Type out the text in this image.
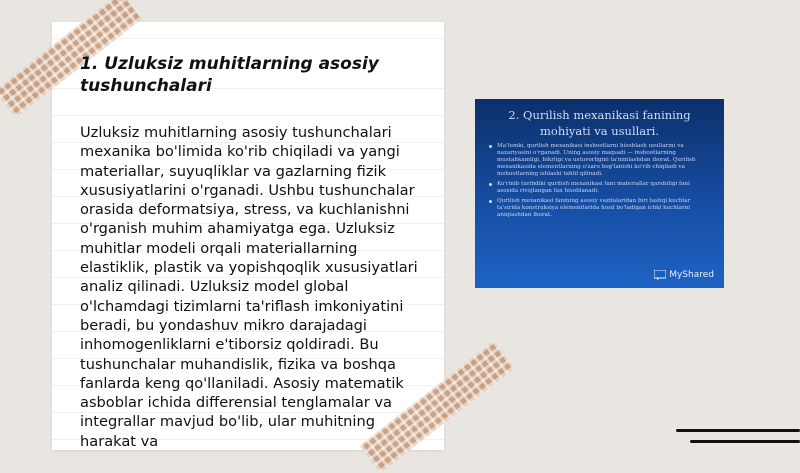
1. Uzluksiz muhitlarning asosiy tushunchalari

Uzluksiz muhitlarning asosiy tushunchalari mexanika bo'limida ko'rib chiqiladi va yangi materiallar, suyuqliklar va gazlarning fizik xususiyatlarini o'rganadi. Ushbu tushunchalar orasida deformatsiya, stress, va kuchlanishni o'rganish muhim ahamiyatga ega. Uzluksiz muhitlar modeli orqali materiallarning elastiklik, plastik va yopishqoqlik xususiyatlari analiz qilinadi. Uzluksiz model global o'lchamdagi tizimlarni ta'riflash imkoniyatini beradi, bu yondashuv mikro darajadagi inhomogenliklarni e'tiborsiz qoldiradi. Bu tushunchalar muhandislik, fizika va boshqa fanlarda keng qo'llaniladi. Asosiy matematik asboblar ichida differensial tenglamalar va integrallar mavjud bo'lib, ular muhitning harakat va

2. Qurilish mexanikasi fanining
mohiyati va usullari.
Ma'lumki, qurilish mexanikasi inshootlarni hisoblash usullarini va nazariyasini o'rganadi. Uning asosiy maqsadi — inshootlarning mustahkamligi, bikrligi va ustuvorligini ta'minlashdan iborat. Qurilish mexanikasida elementlarning o'zaro bog'lanishi ko'rib chiqiladi va inshootlarning ishlashi tahlil qilinadi.
Ko'rinib turibdiki qurilish mexanikasi fani materiallar qarshiligi fani asosida rivojlangan fan hisoblanadi.
Qurilish mexanikasi fanining asosiy vazifalaridan biri tashqi kuchlar ta'sirida konstruksiya elementlarida hosil bo'ladigan ichki kuchlarni aniqlashdan iborat.
MyShared
